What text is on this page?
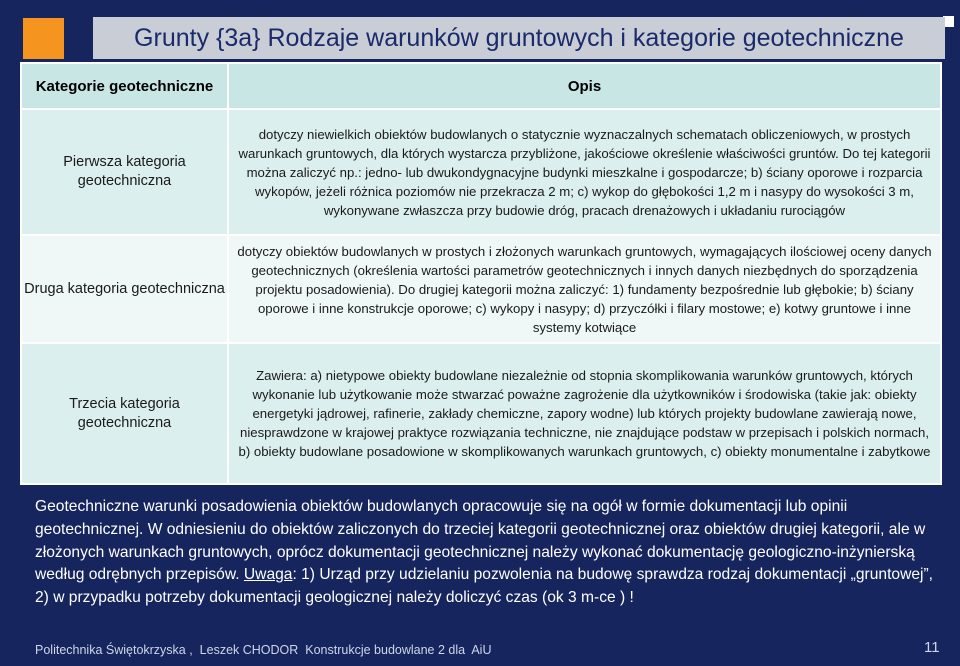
Grunty {3a} Rodzaje warunków gruntowych i kategorie geotechniczne
Kategorie geotechniczne	Opis
Pierwsza kategoria geotechniczna	dotyczy niewielkich obiektów budowlanych o statycznie wyznaczalnych schematach obliczeniowych, w prostych warunkach gruntowych, dla których wystarcza przybliżone, jakościowe określenie właściwości gruntów. Do tej kategorii można zaliczyć np.: jedno- lub dwukondygnacyjne budynki mieszkalne i gospodarcze; b) ściany oporowe i rozparcia wykopów, jeżeli różnica poziomów nie przekracza 2 m; c) wykop do głębokości 1,2 m i nasypy do wysokości 3 m, wykonywane zwłaszcza przy budowie dróg, pracach drenażowych i układaniu rurociągów
Druga kategoria geotechniczna	dotyczy obiektów budowlanych w prostych i złożonych warunkach gruntowych, wymagających ilościowej oceny danych geotechnicznych (określenia wartości parametrów geotechnicznych i innych danych niezbędnych do sporządzenia projektu posadowienia). Do drugiej kategorii można zaliczyć: 1) fundamenty bezpośrednie lub głębokie; b) ściany oporowe i inne konstrukcje oporowe; c) wykopy i nasypy; d) przyczółki i filary mostowe; e) kotwy gruntowe i inne systemy kotwiące
Trzecia kategoria geotechniczna	Zawiera: a) nietypowe obiekty budowlane niezależnie od stopnia skomplikowania warunków gruntowych, których wykonanie lub użytkowanie może stwarzać poważne zagrożenie dla użytkowników i środowiska (takie jak: obiekty energetyki jądrowej, rafinerie, zakłady chemiczne, zapory wodne) lub których projekty budowlane zawierają nowe, niesprawdzone w krajowej praktyce rozwiązania techniczne, nie znajdujące podstaw w przepisach i polskich normach, b) obiekty budowlane posadowione w skomplikowanych warunkach gruntowych, c) obiekty monumentalne i zabytkowe
Geotechniczne warunki posadowienia obiektów budowlanych opracowuje się na ogół w formie dokumentacji lub opinii geotechnicznej. W odniesieniu do obiektów zaliczonych do trzeciej kategorii geotechnicznej oraz obiektów drugiej kategorii, ale w złożonych warunkach gruntowych, oprócz dokumentacji geotechnicznej należy wykonać dokumentację geologiczno-inżynierską według odrębnych przepisów. Uwaga: 1) Urząd przy udzielaniu pozwolenia na budowę sprawdza rodzaj dokumentacji „gruntowej”, 2) w przypadku potrzeby dokumentacji geologicznej należy doliczyć czas (ok 3 m-ce ) !
Politechnika Świętokrzyska ,  Leszek CHODOR  Konstrukcje budowlane 2 dla  AiU	11
